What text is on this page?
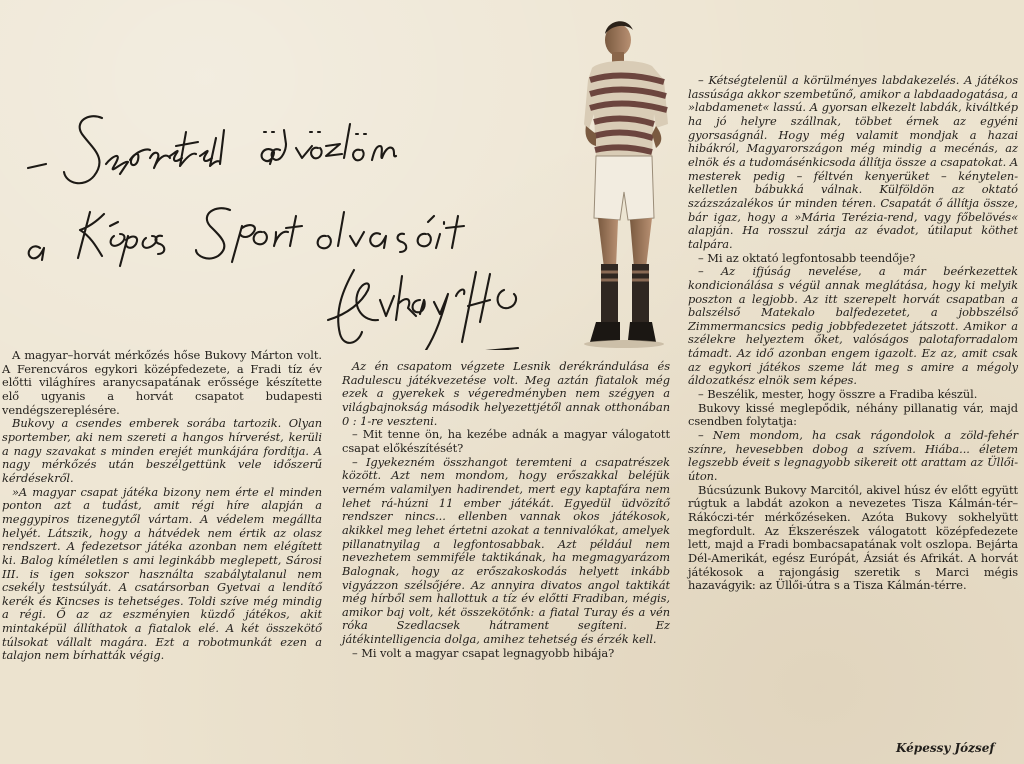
A magyar–horvát mérkőzés hőse Bukovy Márton volt. A Ferencváros egykori középfedezete, a Fradi tíz év előtti világhíres aranycsapatának erőssége készítette elő ugyanis a horvát csapatot budapesti vendégszereplésére.

Bukovy a csendes emberek sorába tartozik. Olyan sportember, aki nem szereti a hangos hírverést, kerüli a nagy szavakat s minden erejét munkájára fordítja. A nagy mérkőzés után beszélgettünk vele időszerű kérdésekről.

»A magyar csapat játéka bizony nem érte el minden ponton azt a tudást, amit régi híre alapján a meggypiros tizenegytől vártam. A védelem megállta helyét. Látszik, hogy a hátvédek nem értik az olasz rendszert. A fedezetsor játéka azonban nem elégített ki. Balog kíméletlen s ami leginkább meglepett, Sárosi III. is igen sokszor használta szabálytalanul nem csekély testsúlyát. A csatársorban Gyetvai a lendítő kerék és Kincses is tehetséges. Toldi szíve még mindig a régi. Ő az az eszményien küzdő játékos, akit mintaképül állíthatok a fiatalok elé. A két összekötő túlsokat vállalt magára. Ezt a robotmunkát ezen a talajon nem bírhatták végig.

Az én csapatom végzete Lesnik derékrándulása és Radulescu játékvezetése volt. Meg aztán fiatalok még ezek a gyerekek s végeredményben nem szégyen a világbajnokság második helyezettjétől annak otthonában 0 : 1-re veszteni.

– Mit tenne ön, ha kezébe adnák a magyar válogatott csapat előkészítését?

– Igyekezném összhangot teremteni a csapatrészek között. Azt nem mondom, hogy erőszakkal beléjük verném valamilyen hadirendet, mert egy kaptafára nem lehet rá-húzni 11 ember játékát. Egyedül üdvözítő rendszer nincs... ellenben vannak okos játékosok, akikkel meg lehet értetni azokat a tennivalókat, amelyek pillanatnyilag a legfontosabbak. Azt például nem nevezhetem semmiféle taktikának, ha megmagyarázom Balognak, hogy az erőszakoskodás helyett inkább vigyázzon szélsőjére. Az annyira divatos angol taktikát még hírből sem hallottuk a tíz év előtti Fradiban, mégis, amikor baj volt, két összekötőnk: a fiatal Turay és a vén róka Szedlacsek hátrament segíteni. Ez játékintelligencia dolga, amihez tehetség és érzék kell.

– Mi volt a magyar csapat legnagyobb hibája?

– Kétségtelenül a körülményes labdakezelés. A játékos lassúsága akkor szembetűnő, amikor a labdaadogatása, a »labdamenet« lassú. A gyorsan elkezelt labdák, kiváltkép ha jó helyre szállnak, többet érnek az egyéni gyorsaságnál. Hogy még valamit mondjak a hazai hibákról, Magyarországon még mindig a mecénás, az elnök és a tudomásénkicsoda állítja össze a csapatokat. A mesterek pedig – féltvén kenyerüket – kénytelen-kelletlen bábukká válnak. Külföldön az oktató százszázalékos úr minden téren. Csapatát ő állítja össze, bár igaz, hogy a »Mária Terézia-rend, vagy főbelövés« alapján. Ha rosszul zárja az évadot, útilaput köthet talpára.

– Mi az oktató legfontosabb teendője?

– Az ifjúság nevelése, a már beérkezettek kondicionálása s végül annak meglátása, hogy ki melyik poszton a legjobb. Az itt szerepelt horvát csapatban a balszélső Matekalo balfedezetet, a jobbszélső Zimmermancsics pedig jobbfedezetet játszott. Amikor a szélekre helyeztem őket, valóságos palotaforradalom támadt. Az idő azonban engem igazolt. Ez az, amit csak az egykori játékos szeme lát meg s amire a mégoly áldozatkész elnök sem képes.

– Beszélik, mester, hogy összre a Fradiba készül.

Bukovy kissé meglepődik, néhány pillanatig vár, majd csendben folytatja:

– Nem mondom, ha csak rágondolok a zöld-fehér színre, hevesebben dobog a szívem. Hiába... életem legszebb éveit s legnagyobb sikereit ott arattam az Üllői-úton.

Búcsúzunk Bukovy Marcitól, akivel húsz év előtt együtt rúgtuk a labdát azokon a nevezetes Tisza Kálmán-tér–Rákóczi-tér mérkőzéseken. Azóta Bukovy sokhelyütt megfordult. Az Ékszerészek válogatott középfedezete lett, majd a Fradi bombacsapatának volt oszlopa. Bejárta Dél-Amerikát, egész Európát, Ázsiát és Afrikát. A horvát játékosok a rajongásig szeretik s Marci mégis hazavágyik: az Üllői-útra s a Tisza Kálmán-térre.

Képessy József
